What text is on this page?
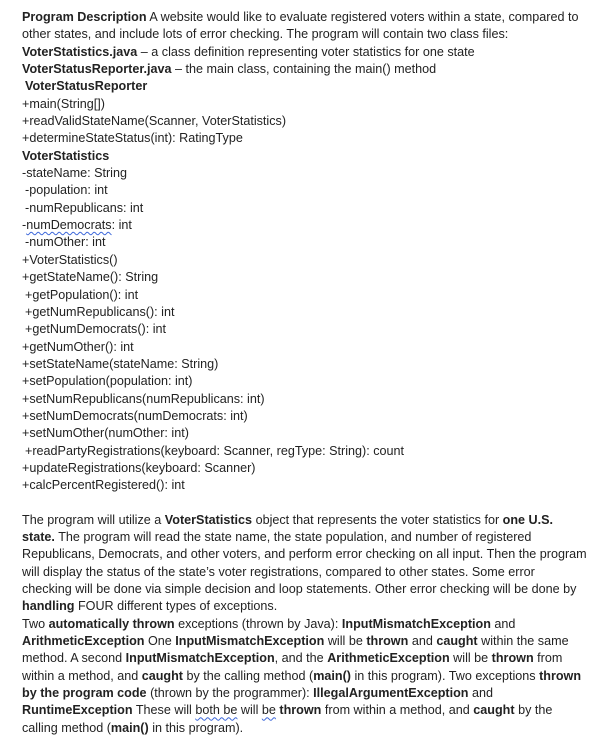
Program Description A website would like to evaluate registered voters within a state, compared to other states, and include lots of error checking. The program will contain two class files: VoterStatistics.java – a class definition representing voter statistics for one state
VoterStatusReporter.java – the main class, containing the main() method
VoterStatusReporter
+main(String[])
+readValidStateName(Scanner, VoterStatistics)
+determineStateStatus(int): RatingType
VoterStatistics
-stateName: String
-population: int
-numRepublicans: int
-numDemocrats: int
-numOther: int
+VoterStatistics()
+getStateName(): String
+getPopulation(): int
+getNumRepublicans(): int
+getNumDemocrats(): int
+getNumOther(): int
+setStateName(stateName: String)
+setPopulation(population: int)
+setNumRepublicans(numRepublicans: int)
+setNumDemocrats(numDemocrats: int)
+setNumOther(numOther: int)
+readPartyRegistrations(keyboard: Scanner, regType: String): count
+updateRegistrations(keyboard: Scanner)
+calcPercentRegistered(): int
The program will utilize a VoterStatistics object that represents the voter statistics for one U.S. state. The program will read the state name, the state population, and number of registered Republicans, Democrats, and other voters, and perform error checking on all input. Then the program will display the status of the state’s voter registrations, compared to other states. Some error checking will be done via simple decision and loop statements. Other error checking will be done by handling FOUR different types of exceptions.
Two automatically thrown exceptions (thrown by Java): InputMismatchException and ArithmeticException One InputMismatchException will be thrown and caught within the same method. A second InputMismatchException, and the ArithmeticException will be thrown from within a method, and caught by the calling method (main() in this program). Two exceptions thrown by the program code (thrown by the programmer): IllegalArgumentException and RuntimeException These will both be will be thrown from within a method, and caught by the calling method (main() in this program).
